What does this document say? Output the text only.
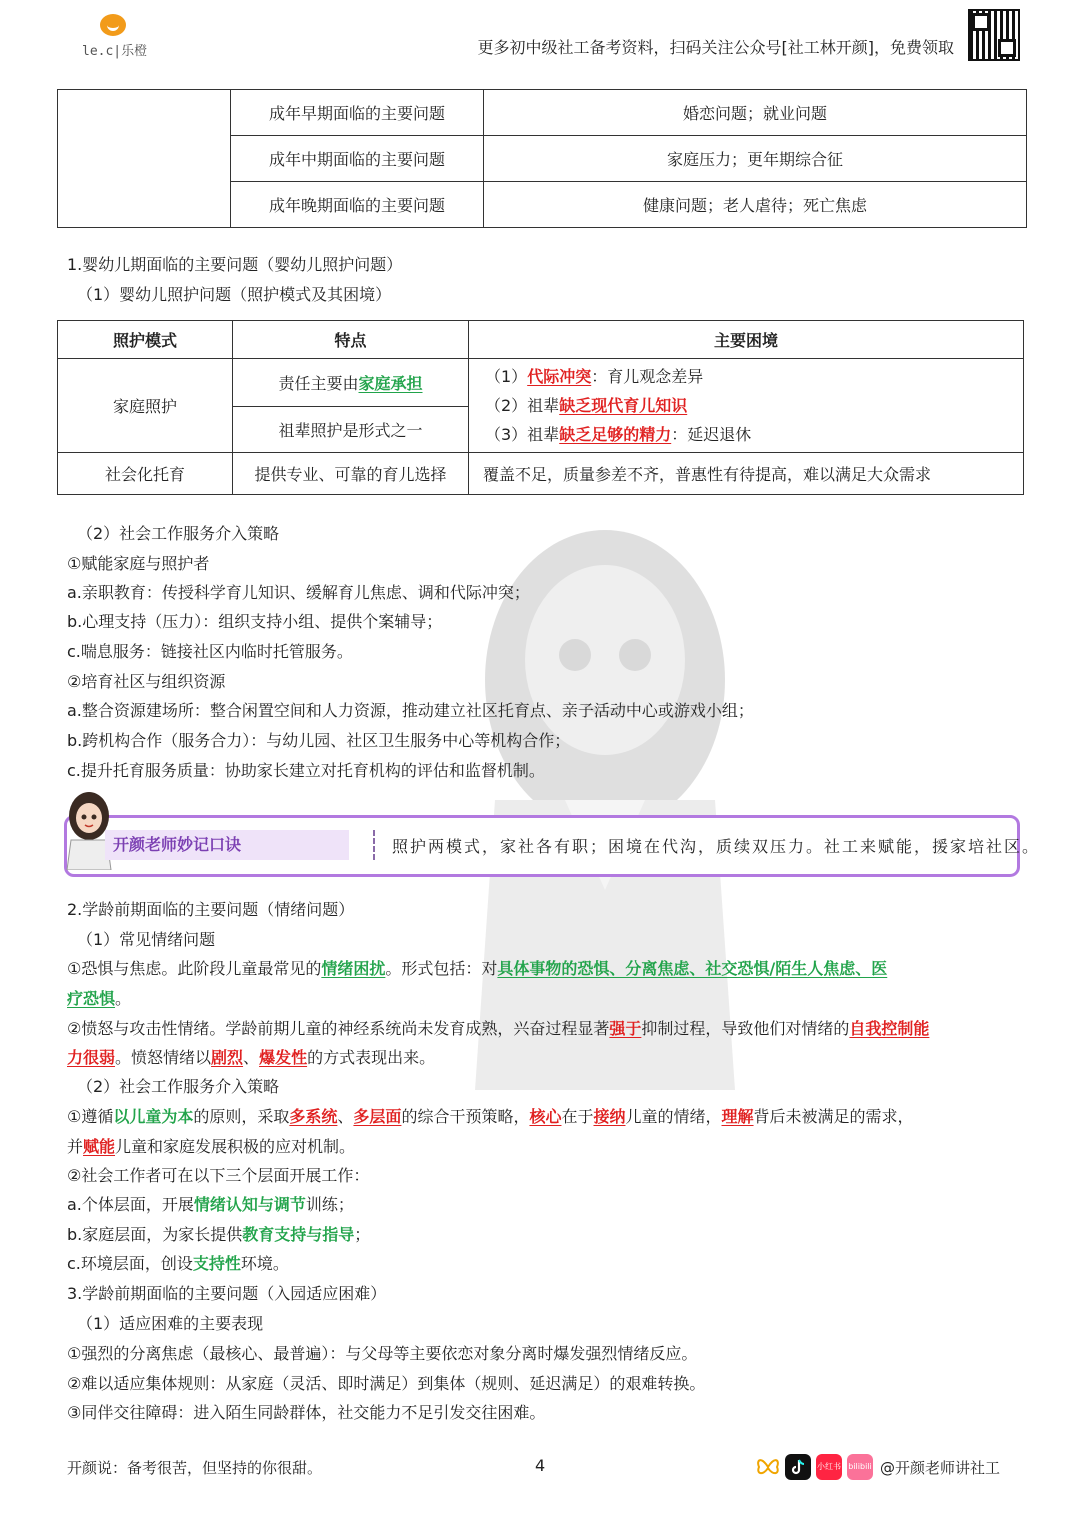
le.c|乐橙	更多初中级社工备考资料，扫码关注公众号[社工林开颜]，免费领取
	成年早期面临的主要问题	婚恋问题；就业问题
	成年中期面临的主要问题	家庭压力；更年期综合征
	成年晚期面临的主要问题	健康问题；老人虐待；死亡焦虑
1.婴幼儿期面临的主要问题（婴幼儿照护问题）
（1）婴幼儿照护问题（照护模式及其困境）
照护模式	特点	主要困境
家庭照护	责任主要由家庭承担	（1）代际冲突：育儿观念差异
（2）祖辈缺乏现代育儿知识
（3）祖辈缺乏足够的精力：延迟退休

	祖辈照护是形式之一	
社会化托育	提供专业、可靠的育儿选择	覆盖不足，质量参差不齐，普惠性有待提高，难以满足大众需求
（2）社会工作服务介入策略
①赋能家庭与照护者
a.亲职教育：传授科学育儿知识、缓解育儿焦虑、调和代际冲突；
b.心理支持（压力）：组织支持小组、提供个案辅导；
c.喘息服务：链接社区内临时托管服务。
②培育社区与组织资源
a.整合资源建场所：整合闲置空间和人力资源，推动建立社区托育点、亲子活动中心或游戏小组；
b.跨机构合作（服务合力）：与幼儿园、社区卫生服务中心等机构合作；
c.提升托育服务质量：协助家长建立对托育机构的评估和监督机制。
开颜老师妙记口诀	照护两模式，家社各有职；困境在代沟，质续双压力。社工来赋能，援家培社区。
2.学龄前期面临的主要问题（情绪问题）
（1）常见情绪问题
①恐惧与焦虑。此阶段儿童最常见的情绪困扰。形式包括：对具体事物的恐惧、分离焦虑、社交恐惧/陌生人焦虑、医
疗恐惧。
②愤怒与攻击性情绪。学龄前期儿童的神经系统尚未发育成熟，兴奋过程显著强于抑制过程，导致他们对情绪的自我控制能
力很弱。愤怒情绪以剧烈、爆发性的方式表现出来。
（2）社会工作服务介入策略
①遵循以儿童为本的原则，采取多系统、多层面的综合干预策略，核心在于接纳儿童的情绪，理解背后未被满足的需求，
并赋能儿童和家庭发展积极的应对机制。
②社会工作者可在以下三个层面开展工作：
a.个体层面，开展情绪认知与调节训练；
b.家庭层面，为家长提供教育支持与指导；
c.环境层面，创设支持性环境。
3.学龄前期面临的主要问题（入园适应困难）
（1）适应困难的主要表现
①强烈的分离焦虑（最核心、最普遍）：与父母等主要依恋对象分离时爆发强烈情绪反应。
②难以适应集体规则：从家庭（灵活、即时满足）到集体（规则、延迟满足）的艰难转换。
③同伴交往障碍：进入陌生同龄群体，社交能力不足引发交往困难。
开颜说：备考很苦，但坚持的你很甜。	4	小红书 bilibili @开颜老师讲社工
